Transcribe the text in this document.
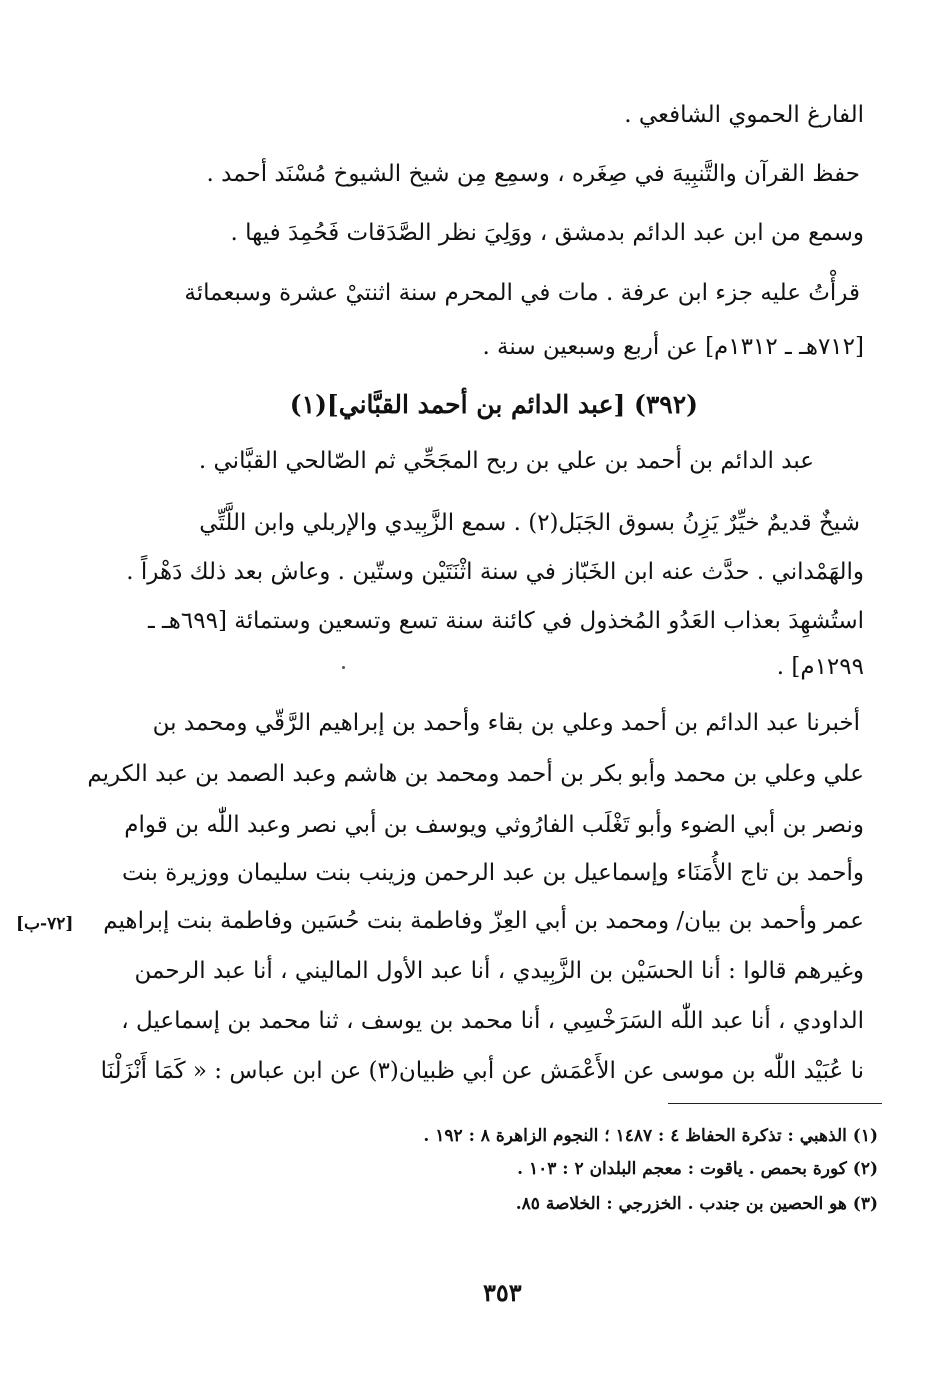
الفارغ الحموي الشافعي .
حفظ القرآن والتَّنبِيهَ في صِغَره ، وسمِع مِن شيخ الشيوخ مُسْنَد أحمد .
وسمع من ابن عبد الدائم بدمشق ، ووَلِيَ نظر الصَّدَقات فَحُمِدَ فيها .
قرأْتُ عليه جزء ابن عرفة . مات في المحرم سنة اثنتيْ عشرة وسبعمائة
[٧١٢هـ ـ ١٣١٢م] عن أربع وسبعين سنة .
(٣٩٢) [عبد الدائم بن أحمد القبَّاني](١)
عبد الدائم بن أحمد بن علي بن ربح المجَحِّي ثم الصّالحي القبَّاني .
شيخٌ قديمٌ خيِّرٌ يَزِنُ بسوق الجَبَل(٢) . سمع الزَّبِيدي والإربلي وابن اللَّتِّي
والهَمْداني . حدَّث عنه ابن الخَبّاز في سنة اثْنَتَيْن وستّين . وعاش بعد ذلك دَهْراً .
استُشهِدَ بعذاب العَدُو المُخذول في كائنة سنة تسع وتسعين وستمائة [٦٩٩هـ ـ
١٢٩٩م] .
أخبرنا عبد الدائم بن أحمد وعلي بن بقاء وأحمد بن إبراهيم الرَّقّي ومحمد بن
علي وعلي بن محمد وأبو بكر بن أحمد ومحمد بن هاشم وعبد الصمد بن عبد الكريم
ونصر بن أبي الضوء وأبو تَغْلَب الفارُوثي ويوسف بن أبي نصر وعبد اللّٰه بن قوام
وأحمد بن تاج الأُمَنَاء وإسماعيل بن عبد الرحمن وزينب بنت سليمان ووزيرة بنت
عمر وأحمد بن بيان/ ومحمد بن أبي العِزّ وفاطمة بنت حُسَين وفاطمة بنت إبراهيم
[٧٢-ب]
وغيرهم قالوا : أنا الحسَيْن بن الزَّبِيدي ، أنا عبد الأول الماليني ، أنا عبد الرحمن
الداودي ، أنا عبد اللّٰه السَرَخْسِي ، أنا محمد بن يوسف ، ثنا محمد بن إسماعيل ،
نا عُبَيْد اللّٰه بن موسى عن الأَعْمَش عن أبي ظبيان(٣) عن ابن عباس : « كَمَا أَنْزَلْنَا
(١) الذهبي : تذكرة الحفاظ ٤ : ١٤٨٧ ؛ النجوم الزاهرة ٨ : ١٩٢ .
(٢) كورة بحمص . ياقوت : معجم البلدان ٢ : ١٠٣ .
(٣) هو الحصين بن جندب . الخزرجي : الخلاصة ٨٥.
٣٥٣
